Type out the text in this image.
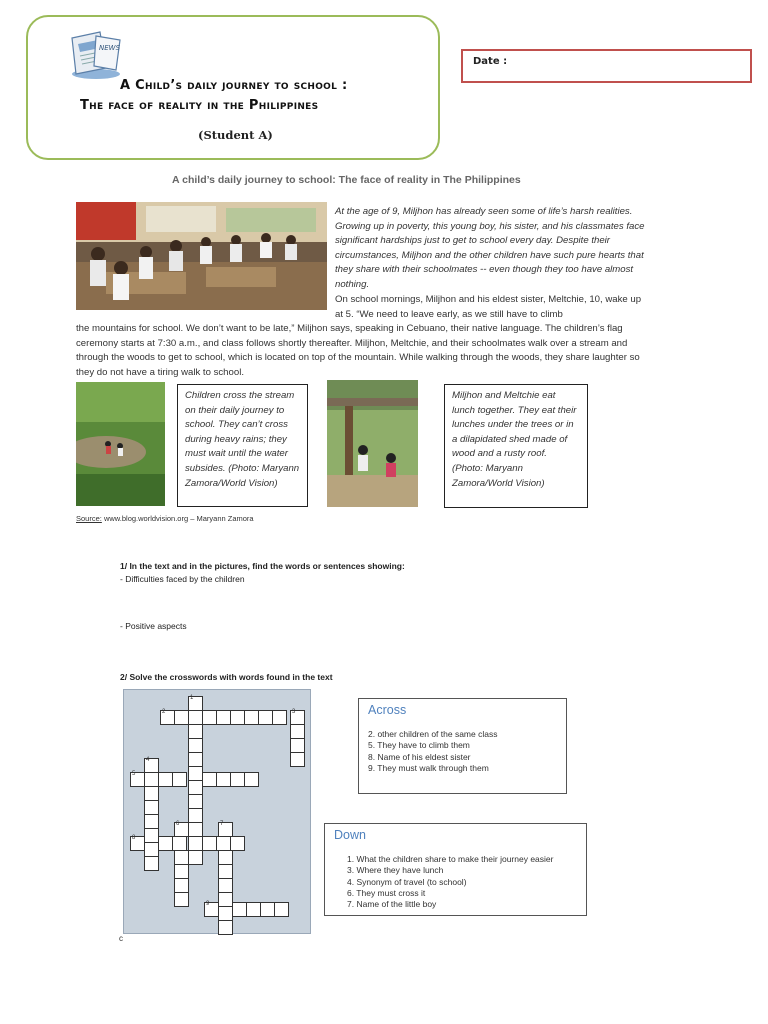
NEWS
A Child’s daily journey to school :
The face of reality in the Philippines
(Student A)
Date :
A child’s daily journey to school: The face of reality in The Philippines
At the age of 9, Miljhon has already seen some of life’s harsh realities. Growing up in poverty, this young boy, his sister, and his classmates face significant hardships just to get to school every day. Despite their circumstances, Miljhon and the other children have such pure hearts that they share with their schoolmates -- even though they too have almost nothing.
On school mornings, Miljhon and his eldest sister, Meltchie, 10, wake up at 5. “We need to leave early, as we still have to climb
the mountains for school. We don’t want to be late,” Miljhon says, speaking in Cebuano, their native language. The children’s flag ceremony starts at 7:30 a.m., and class follows shortly thereafter. Miljhon, Meltchie, and their schoolmates walk over a stream and through the woods to get to school, which is located on top of the mountain. While walking through the woods, they share laughter so they do not have a tiring walk to school.
Children cross the stream on their daily journey to school. They can’t cross during heavy rains; they must wait until the water subsides. (Photo: Maryann Zamora/World Vision)
Miljhon and Meltchie eat lunch together. They eat their lunches under the trees or in a dilapidated shed made of wood and a rusty roof. (Photo: Maryann Zamora/World Vision)
Source: www.blog.worldvision.org – Maryann Zamora
1/ In the text and in the pictures, find the words or sentences showing:
- Difficulties faced by the children
- Positive aspects
2/ Solve the crosswords with words found in the text
1
2	3
4
5
6	7
8
9
c
Across
2. other children of the same class
5. They have to climb them
8. Name of his eldest sister
9. They must walk through them
Down
1. What the children share to make their journey easier
3. Where they have lunch
4. Synonym of travel (to school)
6. They must cross it
7. Name of the little boy
